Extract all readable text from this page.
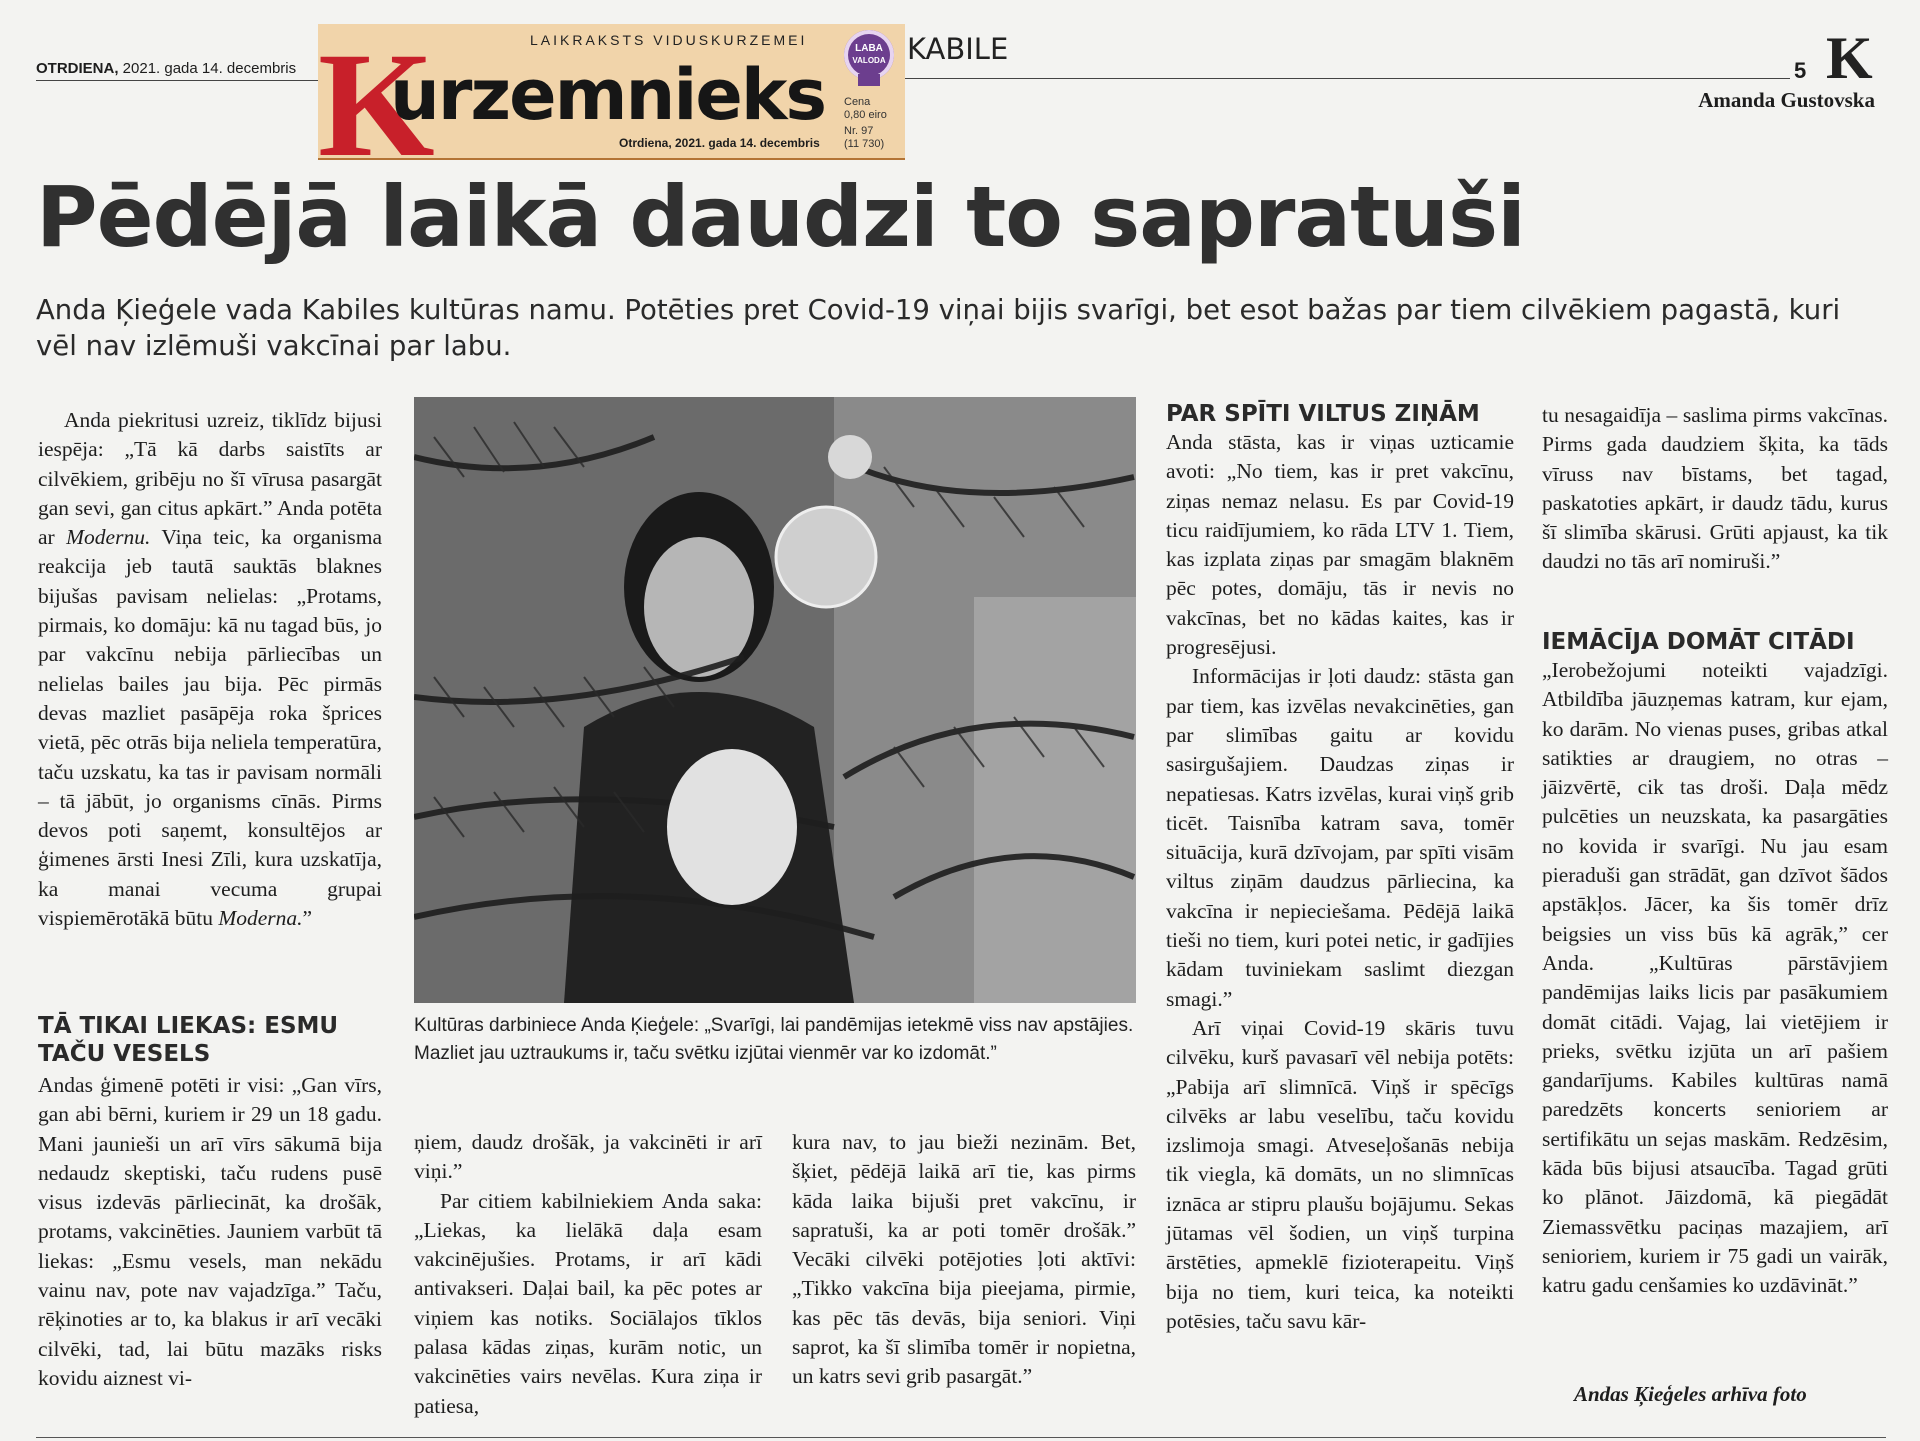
OTRDIENA, 2021. gada 14. decembris K	LAIKRAKSTS VIDUSKURZEMEI
urzemnieks
Otrdiena, 2021. gada 14. decembris
LABA
VALODA
Cena
0,80 eiro
Nr. 97
(11 730)
KABILE
5 K
Amanda Gustovska
Pēdējā laikā daudzi to sapratuši
Anda Ķieģele vada Kabiles kultūras namu. Potēties pret Covid-19 viņai bijis svarīgi, bet esot bažas par tiem cilvēkiem pagastā, kuri vēl nav izlēmuši vakcīnai par labu.

Anda piekritusi uzreiz, tiklīdz bijusi iespēja: „Tā kā darbs saistīts ar cilvēkiem, gribēju no šī vīrusa pasargāt gan sevi, gan citus apkārt.” Anda potēta ar Modernu. Viņa teic, ka organisma reakcija jeb tautā sauktās blaknes bijušas pavisam nelielas: „Protams, pirmais, ko domāju: kā nu tagad būs, jo par vakcīnu nebija pārliecības un nelielas bailes jau bija. Pēc pirmās devas mazliet pasāpēja roka šprices vietā, pēc otrās bija neliela temperatūra, taču uzskatu, ka tas ir pavisam normāli – tā jābūt, jo organisms cīnās. Pirms devos poti saņemt, konsultējos ar ģimenes ārsti Inesi Zīli, kura uzskatīja, ka manai vecuma grupai vispiemērotākā būtu Moderna.”

TĀ TIKAI LIEKAS: ESMU TAČU VESELS

Andas ģimenē potēti ir visi: „Gan vīrs, gan abi bērni, kuriem ir 29 un 18 gadu. Mani jaunieši un arī vīrs sākumā bija nedaudz skeptiski, taču rudens pusē visus izdevās pārliecināt, ka drošāk, protams, vakcinēties. Jauniem varbūt tā liekas: „Esmu vesels, man nekādu vainu nav, pote nav vajadzīga.” Taču, rēķinoties ar to, ka blakus ir arī vecāki cilvēki, tad, lai būtu mazāks risks kovidu aiznest vi-

Kultūras darbiniece Anda Ķieģele: „Svarīgi, lai pandēmijas ietekmē viss nav apstājies. Mazliet jau uztraukums ir, taču svētku izjūtai vienmēr var ko izdomāt.”

ņiem, daudz drošāk, ja vakcinēti ir arī viņi.”

Par citiem kabilniekiem Anda saka: „Liekas, ka lielākā daļa esam vakcinējušies. Protams, ir arī kādi antivakseri. Daļai bail, ka pēc potes ar viņiem kas notiks. Sociālajos tīklos palasa kādas ziņas, kurām notic, un vakcinēties vairs nevēlas. Kura ziņa ir patiesa,

kura nav, to jau bieži nezinām. Bet, šķiet, pēdējā laikā arī tie, kas pirms kāda laika bijuši pret vakcīnu, ir sapratuši, ka ar poti tomēr drošāk.” Vecāki cilvēki potējoties ļoti aktīvi: „Tikko vakcīna bija pieejama, pirmie, kas pēc tās devās, bija seniori. Viņi saprot, ka šī slimība tomēr ir nopietna, un katrs sevi grib pasargāt.”

PAR SPĪTI VILTUS ZIŅĀM

Anda stāsta, kas ir viņas uzticamie avoti: „No tiem, kas ir pret vakcīnu, ziņas nemaz nelasu. Es par Covid-19 ticu raidījumiem, ko rāda LTV 1. Tiem, kas izplata ziņas par smagām blaknēm pēc potes, domāju, tās ir nevis no vakcīnas, bet no kādas kaites, kas ir progresējusi.

Informācijas ir ļoti daudz: stāsta gan par tiem, kas izvēlas nevakcinēties, gan par slimības gaitu ar kovidu sasirgušajiem. Daudzas ziņas ir nepatiesas. Katrs izvēlas, kurai viņš grib ticēt. Taisnība katram sava, tomēr situācija, kurā dzīvojam, par spīti visām viltus ziņām daudzus pārliecina, ka vakcīna ir nepieciešama. Pēdējā laikā tieši no tiem, kuri potei netic, ir gadījies kādam tuviniekam saslimt diezgan smagi.”

Arī viņai Covid-19 skāris tuvu cilvēku, kurš pavasarī vēl nebija potēts: „Pabija arī slimnīcā. Viņš ir spēcīgs cilvēks ar labu veselību, taču kovidu izslimoja smagi. Atveseļošanās nebija tik viegla, kā domāts, un no slimnīcas iznāca ar stipru plaušu bojājumu. Sekas jūtamas vēl šodien, un viņš turpina ārstēties, apmeklē fizioterapeitu. Viņš bija no tiem, kuri teica, ka noteikti potēsies, taču savu kār-

tu nesagaidīja – saslima pirms vakcīnas. Pirms gada daudziem šķita, ka tāds vīruss nav bīstams, bet tagad, paskatoties apkārt, ir daudz tādu, kurus šī slimība skārusi. Grūti apjaust, ka tik daudzi no tās arī nomiruši.”

IEMĀCĪJA DOMĀT CITĀDI

„Ierobežojumi noteikti vajadzīgi. Atbildība jāuzņemas katram, kur ejam, ko darām. No vienas puses, gribas atkal satikties ar draugiem, no otras – jāizvērtē, cik tas droši. Daļa mēdz pulcēties un neuzskata, ka pasargāties no kovida ir svarīgi. Nu jau esam pieraduši gan strādāt, gan dzīvot šādos apstākļos. Jācer, ka šis tomēr drīz beigsies un viss būs kā agrāk,” cer Anda. „Kultūras pārstāvjiem pandēmijas laiks licis par pasākumiem domāt citādi. Vajag, lai vietējiem ir prieks, svētku izjūta un arī pašiem gandarījums. Kabiles kultūras namā paredzēts koncerts senioriem ar sertifikātu un sejas maskām. Redzēsim, kāda būs bijusi atsaucība. Tagad grūti ko plānot. Jāizdomā, kā piegādāt Ziemassvētku paciņas mazajiem, arī senioriem, kuriem ir 75 gadi un vairāk, katru gadu cenšamies ko uzdāvināt.”

Andas Ķieģeles arhīva foto
